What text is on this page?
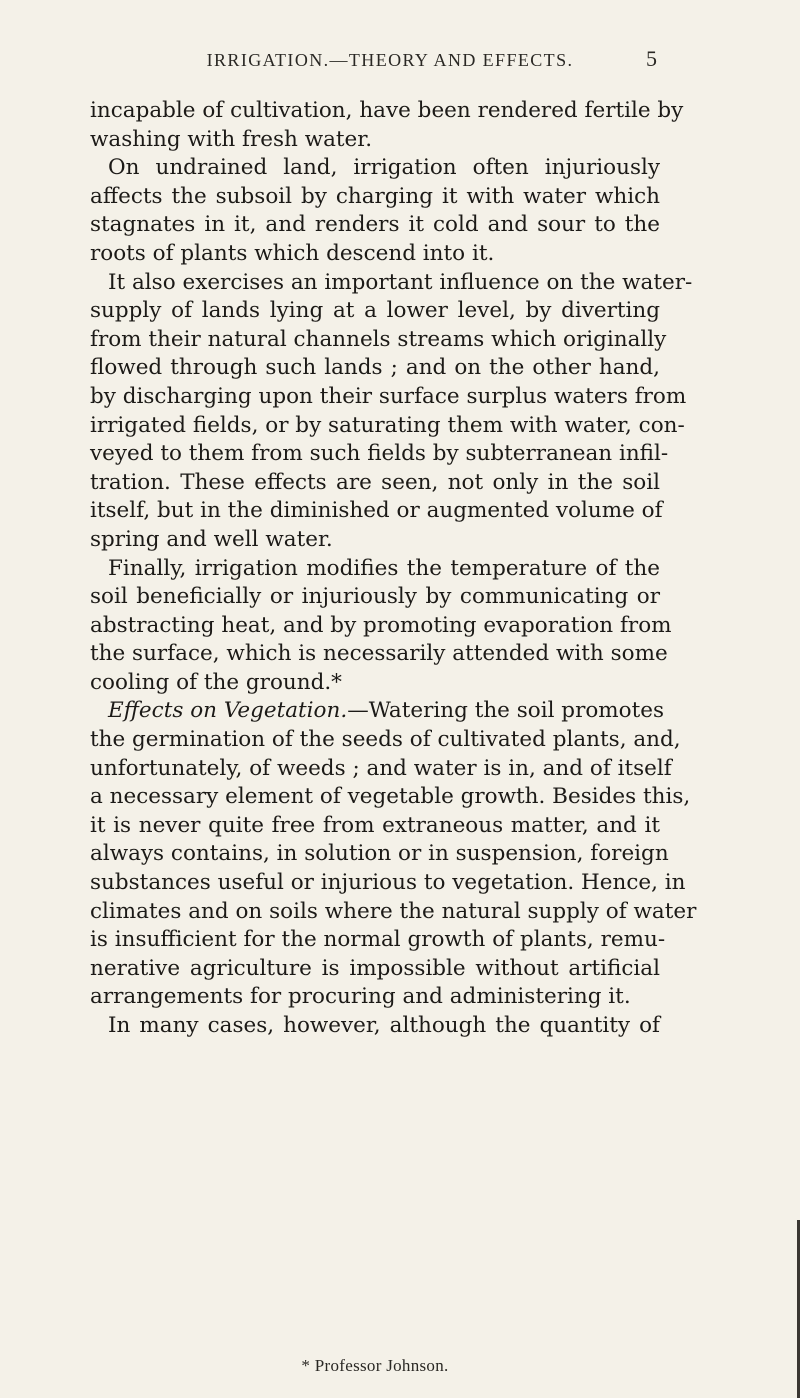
IRRIGATION.—THEORY AND EFFECTS.	5
incapable of cultivation, have been rendered fertile by
washing with fresh water.
On undrained land, irrigation often injuriously
affects the subsoil by charging it with water which
stagnates in it, and renders it cold and sour to the
roots of plants which descend into it.
It also exercises an important influence on the water-
supply of lands lying at a lower level, by diverting
from their natural channels streams which originally
flowed through such lands ; and on the other hand,
by discharging upon their surface surplus waters from
irrigated fields, or by saturating them with water, con-
veyed to them from such fields by subterranean infil-
tration. These effects are seen, not only in the soil
itself, but in the diminished or augmented volume of
spring and well water.
Finally, irrigation modifies the temperature of the
soil beneficially or injuriously by communicating or
abstracting heat, and by promoting evaporation from
the surface, which is necessarily attended with some
cooling of the ground.*
Effects on Vegetation.—Watering the soil promotes
the germination of the seeds of cultivated plants, and,
unfortunately, of weeds ; and water is in, and of itself
a necessary element of vegetable growth. Besides this,
it is never quite free from extraneous matter, and it
always contains, in solution or in suspension, foreign
substances useful or injurious to vegetation. Hence, in
climates and on soils where the natural supply of water
is insufficient for the normal growth of plants, remu-
nerative agriculture is impossible without artificial
arrangements for procuring and administering it.
In many cases, however, although the quantity of
* Professor Johnson.
